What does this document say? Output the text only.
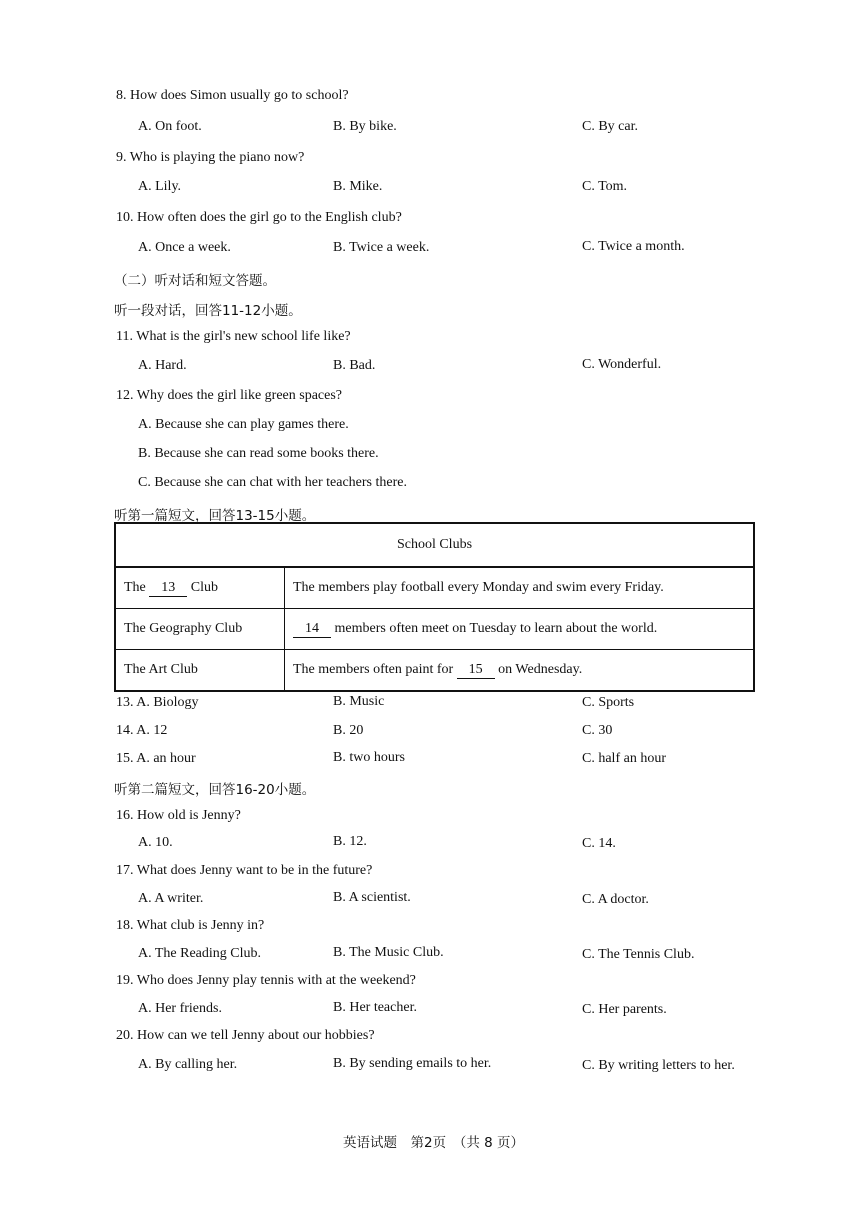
8. How does Simon usually go to school?
A. On foot.	B. By bike.	C. By car.
9. Who is playing the piano now?
A. Lily.	B. Mike.	C. Tom.
10. How often does the girl go to the English club?
A. Once a week.	B. Twice a week.	C. Twice a month.
（二）听对话和短文答题。
听一段对话，回答11-12小题。
11. What is the girl's new school life like?
A. Hard.	B. Bad.	C. Wonderful.
12. Why does the girl like green spaces?
A. Because she can play games there.
B. Because she can read some books there.
C. Because she can chat with her teachers there.
听第一篇短文，回答13-15小题。
School Clubs	
The 13 Club	The members play football every Monday and swim every Friday.
The Geography Club	14 members often meet on Tuesday to learn about the world.
The Art Club	The members often paint for 15 on Wednesday.
13. A. Biology	B. Music	C. Sports
14. A. 12	B. 20	C. 30
15. A. an hour	B. two hours	C. half an hour
听第二篇短文，回答16-20小题。
16. How old is Jenny?
A. 10.	B. 12.	C. 14.
17. What does Jenny want to be in the future?
A. A writer.	B. A scientist.	C. A doctor.
18. What club is Jenny in?
A. The Reading Club.	B. The Music Club.	C. The Tennis Club.
19. Who does Jenny play tennis with at the weekend?
A. Her friends.	B. Her teacher.	C. Her parents.
20. How can we tell Jenny about our hobbies?
A. By calling her.	B. By sending emails to her.	C. By writing letters to her.
英语试题　第2页　（共 8 页）
